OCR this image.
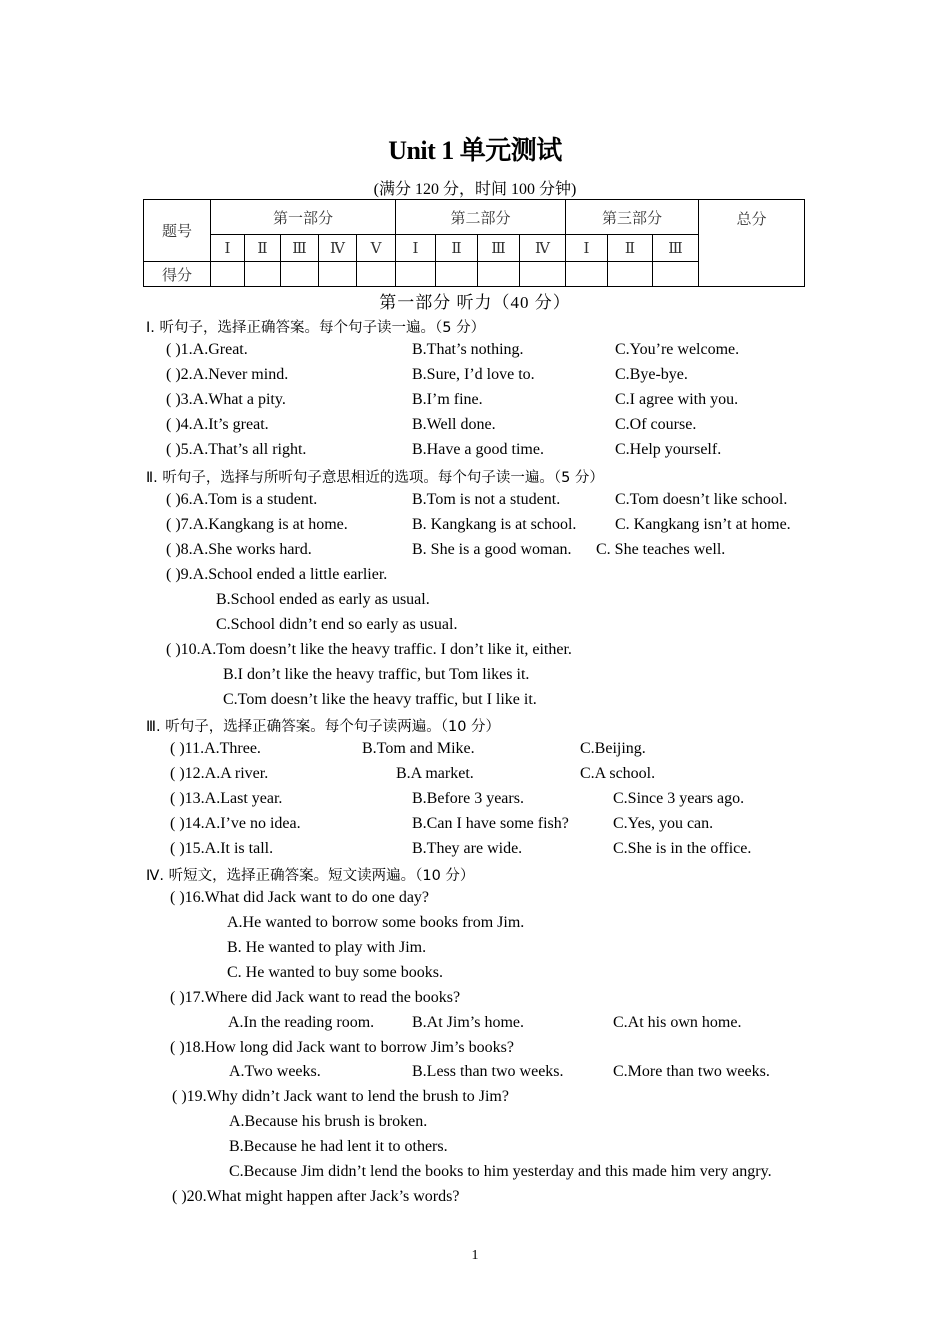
Unit 1 单元测试
(满分 120 分，时间 100 分钟)
题号	第一部分					第二部分				第三部分			总分
	Ⅰ	Ⅱ	Ⅲ	Ⅳ	Ⅴ	Ⅰ	Ⅱ	Ⅲ	Ⅳ	Ⅰ	Ⅱ	Ⅲ	
得分													
第一部分 听力（40 分）
Ⅰ. 听句子，选择正确答案。每个句子读一遍。（5 分）
( )1.A.Great.	B.That’s nothing.	C.You’re welcome.
( )2.A.Never mind.	B.Sure, I’d love to.	C.Bye-bye.
( )3.A.What a pity.	B.I’m fine.	C.I agree with you.
( )4.A.It’s great.	B.Well done.	C.Of course.
( )5.A.That’s all right.	B.Have a good time.	C.Help yourself.
Ⅱ. 听句子，选择与所听句子意思相近的选项。每个句子读一遍。（5 分）
( )6.A.Tom is a student.	B.Tom is not a student.	C.Tom doesn’t like school.
( )7.A.Kangkang is at home.	B. Kangkang is at school. C. Kangkang isn’t at home.
( )8.A.She works hard.	B. She is a good woman. C. She teaches well.
( )9.A.School ended a little earlier.
B.School ended as early as usual.
C.School didn’t end so early as usual.
( )10.A.Tom doesn’t like the heavy traffic. I don’t like it, either.
B.I don’t like the heavy traffic, but Tom likes it.
C.Tom doesn’t like the heavy traffic, but I like it.
Ⅲ. 听句子，选择正确答案。每个句子读两遍。（10 分）
( )11.A.Three.	B.Tom and Mike.	C.Beijing.
( )12.A.A river.	B.A market.	C.A school.
( )13.A.Last year.	B.Before 3 years.	C.Since 3 years ago.
( )14.A.I’ve no idea.	B.Can I have some fish?	C.Yes, you can.
( )15.A.It is tall.	B.They are wide.	C.She is in the office.
Ⅳ. 听短文，选择正确答案。短文读两遍。（10 分）
( )16.What did Jack want to do one day?
A.He wanted to borrow some books from Jim.
B. He wanted to play with Jim.
C. He wanted to buy some books.
( )17.Where did Jack want to read the books?
A.In the reading room. B.At Jim’s home.	C.At his own home.
( )18.How long did Jack want to borrow Jim’s books?
A.Two weeks.	B.Less than two weeks.	C.More than two weeks.
( )19.Why didn’t Jack want to lend the brush to Jim?
A.Because his brush is broken.
B.Because he had lent it to others.
C.Because Jim didn’t lend the books to him yesterday and this made him very angry.
( )20.What might happen after Jack’s words?
1
